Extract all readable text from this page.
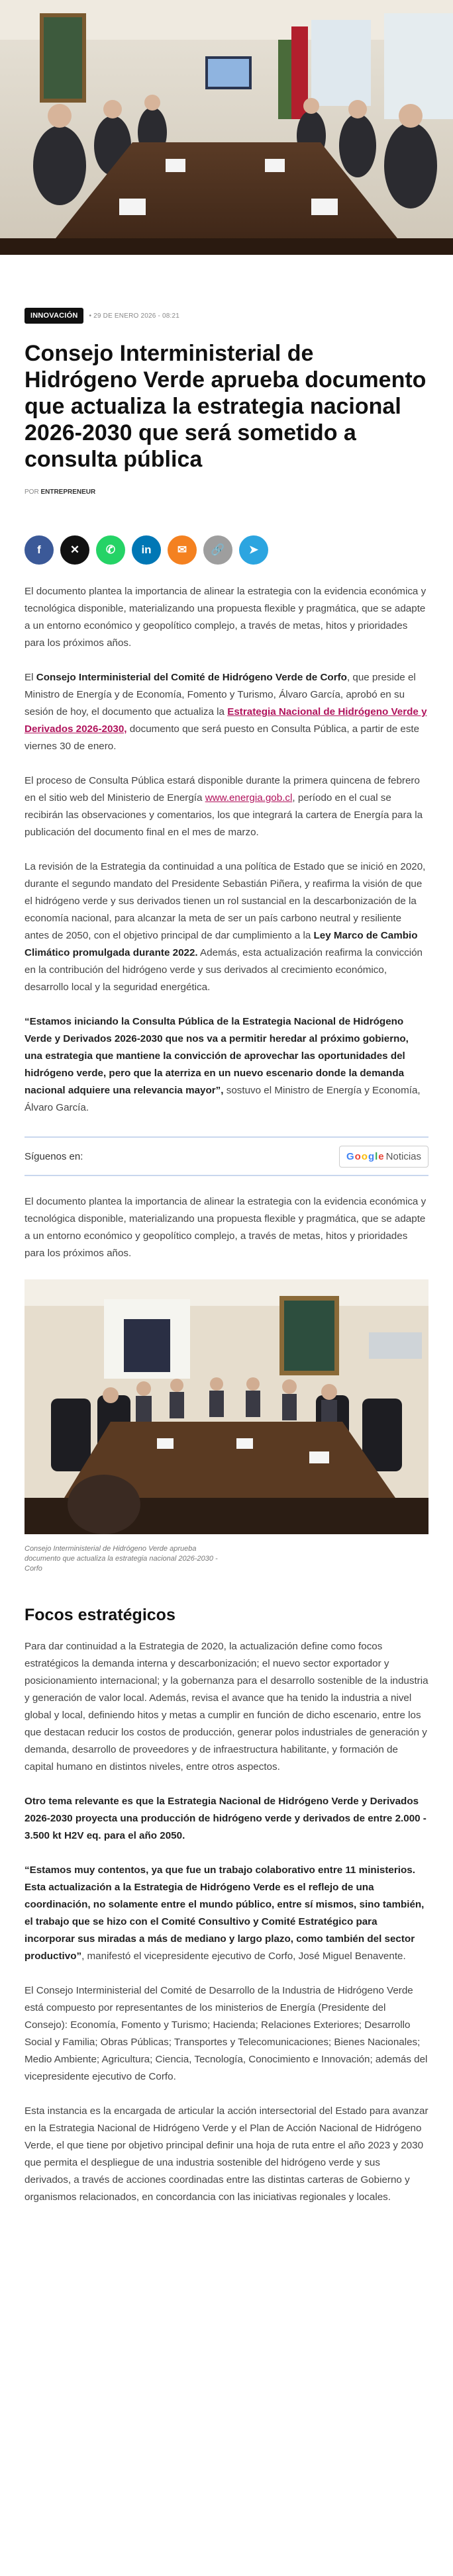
INNOVACIÓN	• 29 DE ENERO 2026 - 08:21
Consejo Interministerial de Hidrógeno Verde aprueba documento que actualiza la estrategia nacional 2026-2030 que será sometido a consulta pública
POR ENTREPRENEUR
f	✕ ✆ in ✉ 🔗 ➤

El documento plantea la importancia de alinear la estrategia con la evidencia económica y tecnológica disponible, materializando una propuesta flexible y pragmática, que se adapte a un entorno económico y geopolítico complejo, a través de metas, hitos y prioridades para los próximos años.

El Consejo Interministerial del Comité de Hidrógeno Verde de Corfo, que preside el Ministro de Energía y de Economía, Fomento y Turismo, Álvaro García, aprobó en su sesión de hoy, el documento que actualiza la Estrategia Nacional de Hidrógeno Verde y Derivados 2026-2030, documento que será puesto en Consulta Pública, a partir de este viernes 30 de enero.

El proceso de Consulta Pública estará disponible durante la primera quincena de febrero en el sitio web del Ministerio de Energía www.energia.gob.cl, período en el cual se recibirán las observaciones y comentarios, los que integrará la cartera de Energía para la publicación del documento final en el mes de marzo.

La revisión de la Estrategia da continuidad a una política de Estado que se inició en 2020, durante el segundo mandato del Presidente Sebastián Piñera, y reafirma la visión de que el hidrógeno verde y sus derivados tienen un rol sustancial en la descarbonización de la economía nacional, para alcanzar la meta de ser un país carbono neutral y resiliente antes de 2050, con el objetivo principal de dar cumplimiento a la Ley Marco de Cambio Climático promulgada durante 2022. Además, esta actualización reafirma la convicción en la contribución del hidrógeno verde y sus derivados al crecimiento económico, desarrollo local y la seguridad energética.

“Estamos iniciando la Consulta Pública de la Estrategia Nacional de Hidrógeno Verde y Derivados 2026-2030 que nos va a permitir heredar al próximo gobierno, una estrategia que mantiene la convicción de aprovechar las oportunidades del hidrógeno verde, pero que la aterriza en un nuevo escenario donde la demanda nacional adquiere una relevancia mayor”, sostuvo el Ministro de Energía y Economía, Álvaro García.

Síguenos en:	G o o g l e Noticias

El documento plantea la importancia de alinear la estrategia con la evidencia económica y tecnológica disponible, materializando una propuesta flexible y pragmática, que se adapte a un entorno económico y geopolítico complejo, a través de metas, hitos y prioridades para los próximos años.

Consejo Interministerial de Hidrógeno Verde aprueba documento que actualiza la estrategia nacional 2026-2030 - Corfo
Focos estratégicos

Para dar continuidad a la Estrategia de 2020, la actualización define como focos estratégicos la demanda interna y descarbonización; el nuevo sector exportador y posicionamiento internacional; y la gobernanza para el desarrollo sostenible de la industria y generación de valor local. Además, revisa el avance que ha tenido la industria a nivel global y local, definiendo hitos y metas a cumplir en función de dicho escenario, entre los que destacan reducir los costos de producción, generar polos industriales de generación y demanda, desarrollo de proveedores y de infraestructura habilitante, y formación de capital humano en distintos niveles, entre otros aspectos.

Otro tema relevante es que la Estrategia Nacional de Hidrógeno Verde y Derivados 2026-2030 proyecta una producción de hidrógeno verde y derivados de entre 2.000 - 3.500 kt H2V eq. para el año 2050.

“Estamos muy contentos, ya que fue un trabajo colaborativo entre 11 ministerios. Esta actualización a la Estrategia de Hidrógeno Verde es el reflejo de una coordinación, no solamente entre el mundo público, entre sí mismos, sino también, el trabajo que se hizo con el Comité Consultivo y Comité Estratégico para incorporar sus miradas a más de mediano y largo plazo, como también del sector productivo”, manifestó el vicepresidente ejecutivo de Corfo, José Miguel Benavente.

El Consejo Interministerial del Comité de Desarrollo de la Industria de Hidrógeno Verde está compuesto por representantes de los ministerios de Energía (Presidente del Consejo): Economía, Fomento y Turismo; Hacienda; Relaciones Exteriores; Desarrollo Social y Familia; Obras Públicas; Transportes y Telecomunicaciones; Bienes Nacionales; Medio Ambiente; Agricultura; Ciencia, Tecnología, Conocimiento e Innovación; además del vicepresidente ejecutivo de Corfo.

Esta instancia es la encargada de articular la acción intersectorial del Estado para avanzar en la Estrategia Nacional de Hidrógeno Verde y el Plan de Acción Nacional de Hidrógeno Verde, el que tiene por objetivo principal definir una hoja de ruta entre el año 2023 y 2030 que permita el despliegue de una industria sostenible del hidrógeno verde y sus derivados, a través de acciones coordinadas entre las distintas carteras de Gobierno y organismos relacionados, en concordancia con las iniciativas regionales y locales.
